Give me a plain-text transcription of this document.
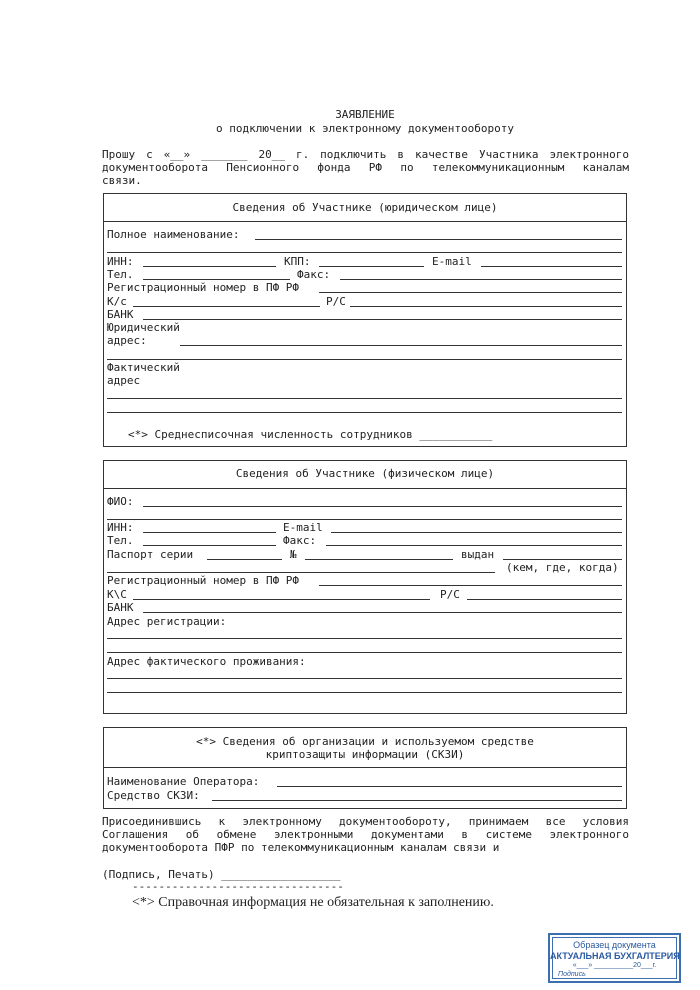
ЗАЯВЛЕНИЕ
о подключении к электронному документообороту
Прошу с «__» _______ 20__ г. подключить в качестве Участника электронного
документооборота Пенсионного фонда РФ по телекоммуникационным каналам
связи.
Сведения об Участнике (юридическом лице)
Полное наименование:
ИНН:	КПП:	E-mail
Тел.	Факс:
Регистрационный номер в ПФ РФ
К/с	Р/С
БАНК
Юридический
адрес:
Фактический
адрес
<*> Среднесписочная численность сотрудников ___________
Сведения об Участнике (физическом лице)
ФИО:
ИНН:	E-mail
Тел.	Факс:
Паспорт серии	№	выдан
(кем, где, когда)
Регистрационный номер в ПФ РФ
К\С	Р/С
БАНК
Адрес регистрации:
Адрес фактического проживания:
<*> Сведения об организации и используемом средстве
криптозащиты информации (СКЗИ)
Наименование Оператора:
Средство СКЗИ:
Присоединившись к электронному документообороту, принимаем все условия
Соглашения об обмене электронными документами в системе электронного
документооборота ПФР по телекоммуникационным каналам связи и
(Подпись, Печать) __________________
--------------------------------
<*> Справочная информация не обязательная к заполнению.
Образец документа
АКТУАЛЬНАЯ БУХГАЛТЕРИЯ
«___» __________20___г.
Подпись
